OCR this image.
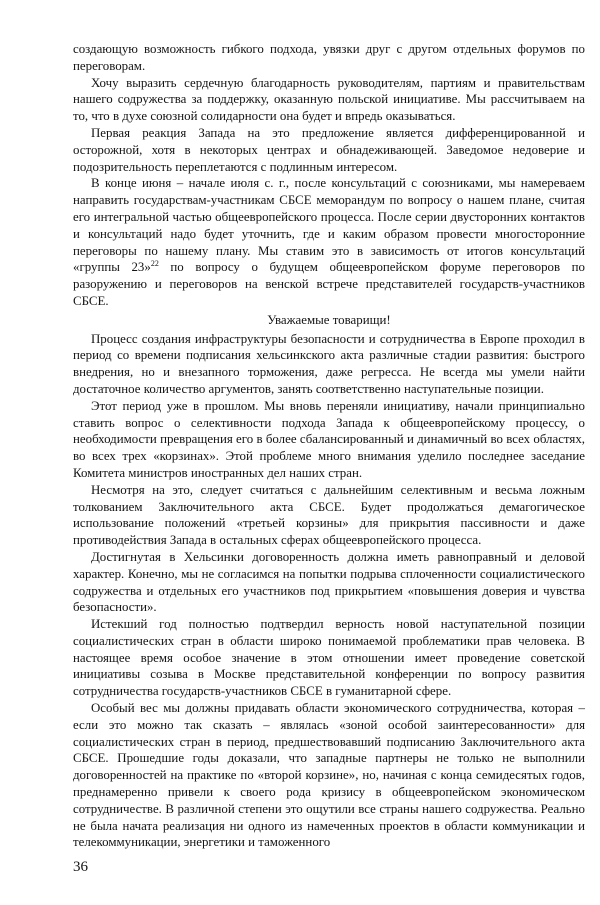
создающую возможность гибкого подхода, увязки друг с другом отдельных форумов по переговорам.

Хочу выразить сердечную благодарность руководителям, партиям и правительствам нашего содружества за поддержку, оказанную польской инициативе. Мы рассчитываем на то, что в духе союзной солидарности она будет и впредь оказываться.

Первая реакция Запада на это предложение является дифференцированной и осторожной, хотя в некоторых центрах и обнадеживающей. Заведомое недоверие и подозрительность переплетаются с подлинным интересом.

В конце июня – начале июля с. г., после консультаций с союзниками, мы намереваем направить государствам-участникам СБСЕ меморандум по вопросу о нашем плане, считая его интегральной частью общеевропейского процесса. После серии двусторонних контактов и консультаций надо будет уточнить, где и каким образом провести многосторонние переговоры по нашему плану. Мы ставим это в зависимость от итогов консультаций «группы 23»$^{22}$ по вопросу о будущем общеевропейском форуме переговоров по разоружению и переговоров на венской встрече представителей государств-участников СБСЕ.

Уважаемые товарищи!

Процесс создания инфраструктуры безопасности и сотрудничества в Европе проходил в период со времени подписания хельсинкского акта различные стадии развития: быстрого внедрения, но и внезапного торможения, даже регресса. Не всегда мы умели найти достаточное количество аргументов, занять соответственно наступательные позиции.

Этот период уже в прошлом. Мы вновь переняли инициативу, начали принципиально ставить вопрос о селективности подхода Запада к общеевропейскому процессу, о необходимости превращения его в более сбалансированный и динамичный во всех областях, во всех трех «корзинах». Этой проблеме много внимания уделило последнее заседание Комитета министров иностранных дел наших стран.

Несмотря на это, следует считаться с дальнейшим селективным и весьма ложным толкованием Заключительного акта СБСЕ. Будет продолжаться демагогическое использование положений «третьей корзины» для прикрытия пассивности и даже противодействия Запада в остальных сферах общеевропейского процесса.

Достигнутая в Хельсинки договоренность должна иметь равноправный и деловой характер. Конечно, мы не согласимся на попытки подрыва сплоченности социалистического содружества и отдельных его участников под прикрытием «повышения доверия и чувства безопасности».

Истекший год полностью подтвердил верность новой наступательной позиции социалистических стран в области широко понимаемой проблематики прав человека. В настоящее время особое значение в этом отношении имеет проведение советской инициативы созыва в Москве представительной конференции по вопросу развития сотрудничества государств-участников СБСЕ в гуманитарной сфере.

Особый вес мы должны придавать области экономического сотрудничества, которая – если это можно так сказать – являлась «зоной особой заинтересованности» для социалистических стран в период, предшествовавший подписанию Заключительного акта СБСЕ. Прошедшие годы доказали, что западные партнеры не только не выполнили договоренностей на практике по «второй корзине», но, начиная с конца семидесятых годов, преднамеренно привели к своего рода кризису в общеевропейском экономическом сотрудничестве. В различной степени это ощутили все страны нашего содружества. Реально не была начата реализация ни одного из намеченных проектов в области коммуникации и телекоммуникации, энергетики и таможенного

36
